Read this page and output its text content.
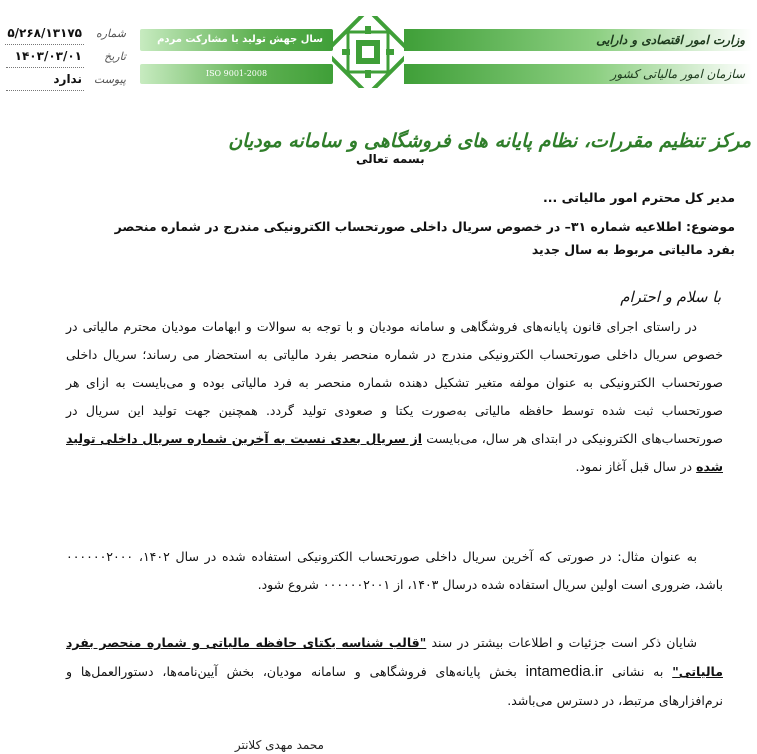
شماره
۵/۲۶۸/۱۳۱۷۵
تاریخ
۱۴۰۳/۰۳/۰۱
پیوست
ندارد
سال جهش تولید با مشارکت مردم
ISO 9001-2008
وزارت امور اقتصادی و دارایی
سازمان امور مالیاتی کشور
مرکز تنظیم مقررات، نظام پایانه های فروشگاهی و سامانه مودیان
بسمه تعالی
مدیر کل محترم امور مالیاتی ...
موضوع: اطلاعیه شماره ۳۱– در خصوص سریال داخلی صورتحساب الکترونیکی مندرج در شماره منحصر بفرد مالیاتی مربوط به سال جدید
با سلام و احترام
در راستای اجرای قانون پایانه‌های فروشگاهی و سامانه مودیان و با توجه به سوالات و ابهامات مودیان محترم مالیاتی در خصوص سریال داخلی صورتحساب الکترونیکی مندرج در شماره منحصر بفرد مالیاتی به استحضار می رساند؛ سریال داخلی صورتحساب الکترونیکی به عنوان مولفه متغیر تشکیل دهنده شماره منحصر به فرد مالیاتی بوده و می‌بایست به ازای هر صورتحساب ثبت شده توسط حافظه مالیاتی به‌صورت یکتا و صعودی تولید گردد. همچنین جهت تولید این سریال در صورتحساب‌های الکترونیکی در ابتدای هر سال، می‌بایست از سریال بعدی نسبت به آخرین شماره سریال داخلی تولید شده در سال قبل آغاز نمود.
به عنوان مثال: در صورتی که آخرین سریال داخلی صورتحساب الکترونیکی استفاده شده در سال ۱۴۰۲، ۰۰۰۰۰۰۲۰۰۰ باشد، ضروری است اولین سریال استفاده شده درسال ۱۴۰۳، از ۰۰۰۰۰۰۲۰۰۱ شروع شود.
شایان ذکر است جزئیات و اطلاعات بیشتر در سند "قالب شناسه یکتای حافظه مالیاتی و شماره منحصر بفرد مالیاتی" به نشانی intamedia.ir بخش پایانه‌های فروشگاهی و سامانه مودیان، بخش آیین‌نامه‌ها، دستورالعمل‌ها و نرم‌افزارهای مرتبط، در دسترس می‌باشد.
محمد مهدی کلانتر
